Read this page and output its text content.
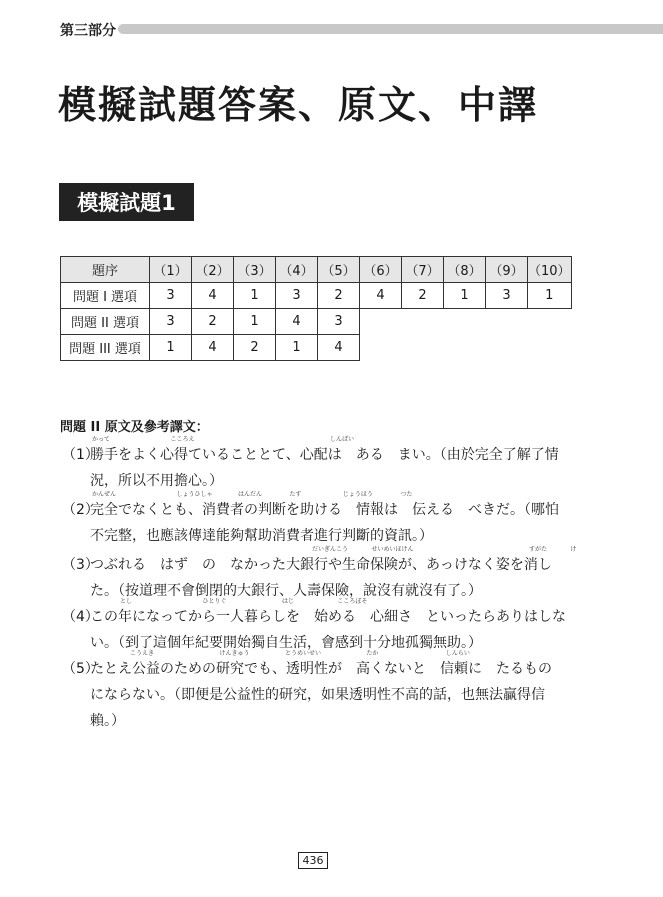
第三部分
模擬試題答案、原文、中譯
模擬試題1
題序	（1）	（2）	（3）	（4）	（5）	（6）	（7）	（8）	（9）	（10）
問題 I 選項	3	4	1	3	2	4	2	1	3	1
問題 II 選項	3	2	1	4	3					
問題 III 選項	1	4	2	1	4					
問題 II 原文及參考譯文：
かって	こころえ	しんぱい
（1）
勝手をよく心得ていることとて、心配は　ある　まい。（由於完全了解了情
況，所以不用擔心。）
かんぜん	しょうひしゃ	はんだん	たす	じょうほう	つた
（2）
完全でなくとも、消費者の判断を助ける　情報は　伝える　べきだ。（哪怕
不完整，也應該傳達能夠幫助消費者進行判斷的資訊。）
だいぎんこう	せいめいほけん	すがた	け
（3）
つぶれる　はず　の　なかった大銀行や生命保険が、あっけなく姿を消し
た。（按道理不會倒閉的大銀行、人壽保險，說沒有就沒有了。）
とし	ひとりぐ	はじ	こころぼそ
（4）
この年になってから一人暮らしを　始める　心細さ　といったらありはしな
い。（到了這個年紀要開始獨自生活，會感到十分地孤獨無助。）
こうえき	けんきゅう	とうめいせい	たか	しんらい
（5）
たとえ公益のための研究でも、透明性が　高くないと　信頼に　たるもの
にならない。（即便是公益性的研究，如果透明性不高的話，也無法贏得信
賴。）
436
